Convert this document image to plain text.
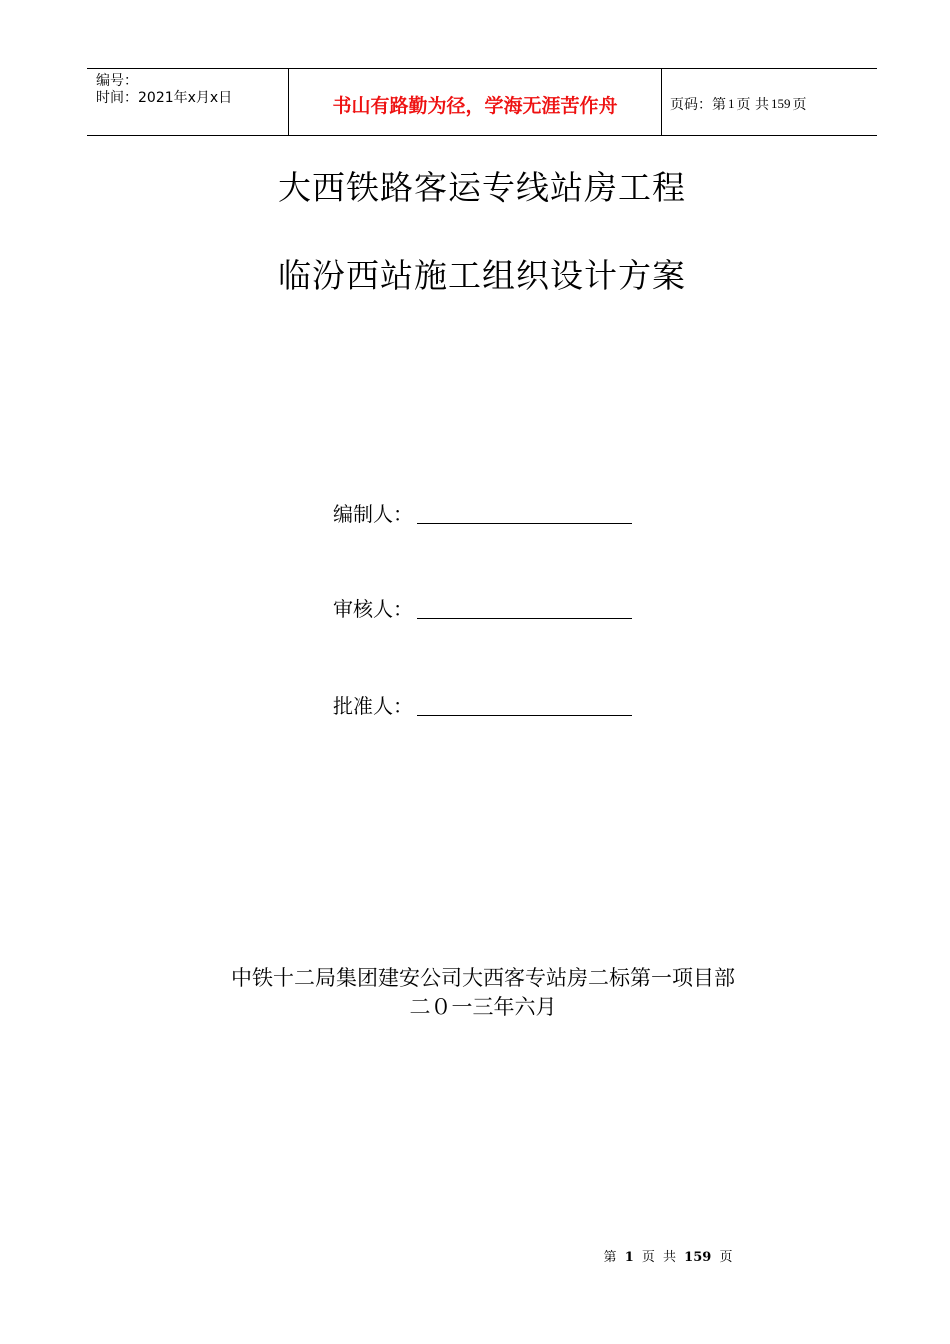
编号：
时间：2021年x月x日	书山有路勤为径，学海无涯苦作舟	页码：第 1 页 共 159 页
大西铁路客运专线站房工程
临汾西站施工组织设计方案
编制人：
审核人：
批准人：
中铁十二局集团建安公司大西客专站房二标第一项目部
二０一三年六月
第 1 页 共 159 页
